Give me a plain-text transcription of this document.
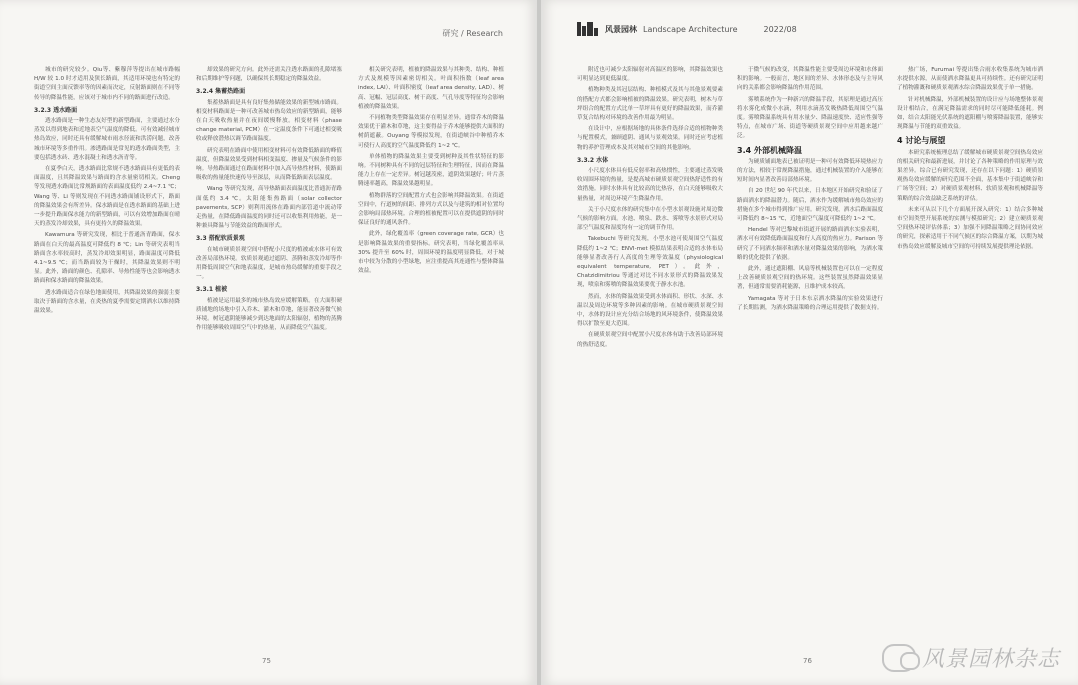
研究 / Research

城市的研究较少。Qiu等、紫穆萍等提出在城市路幅 H/W 较 1.0 时才适用及狭长路面，其适用环境也有特定的街道空间主面反馈率等的因素而决定，反射路面则在不同等传导的降温性能，应该对于城市内不同的路面进行改造。

3.2.3 透水路面

透水路面是一种生态友好型的新型路面，主要通过水分蒸发以得到地表和近地表空气温度的降低。可有效减轻城市热岛效应，同时还具有缓解城市雨水径流和洪涝问题，改善城市环境等多重作用。渗透路面是常见的透水路面类型，主要包括透水砖、透水混凝土和透水沥青等。

在夏季白天，透水路面比常规不透水路面具有更低的表面温度，且其降温效果与路面的含水量密切相关。Cheng 等发现透水路面比常规路面的表面温度低约 2.4~7.1 ℃；Wang 等、Li 等则发现在不同透水路面铺设形式下，路面的降温效果会有所差异。保水路面是在透水路面的基础上进一步提升路面保水能力的新型路面，可以有效增加路面在晴天的蒸发冷却效果，具有更持久的降温效果。

Kawamura 等研究发现，相比于普通沥青路面，保水路面在白天的最高温度可降低约 8 ℃；Lin 等研究表明当路面含水率较高时，蒸发冷却效果明显，路面温度可降低 4.1~9.5 ℃；而当路面较为干燥时，其降温效果则不明显。此外，路面的颜色、孔隙率、导热性能等也会影响透水路面和保水路面的降温效果。

透水路面适合在绿色地面使用，其降温效果的强弱主要取决于路面的含水量，在炎热的夏季需要定期洒水以维持降温效果。

却效果的研究方向。此外还需关注透水路面的孔隙堵塞和后期维护等问题，以确保其长期稳定的降温效益。

3.2.4 集蓄热路面

集蓄热路面是具有良好集热储能效果的新型城市路面。相变材料路面是一种可改善城市热岛效应的新型路面，能够在白天吸收热量并在夜间缓慢释放。相变材料（phase change material, PCM）在一定温度条件下可通过相变吸收或释放潜热以调节路面温度。

研究表明在路面中使用相变材料可有效降低路面的峰值温度，但降温效果受到材料相变温度、掺量及气候条件的影响。导热路面通过在路面材料中加入高导热性材料，使路面吸收的热量能快速传导至深层，从而降低路面表层温度。

Wang 等研究发现，高导热路面表面温度比普通沥青路面低约 3.4 ℃。太阳能集热路面（solar collector pavements, SCP）则利用流体在路面内部管道中流动带走热量，在降低路面温度的同时还可以收集利用热能，是一种兼具降温与节能效益的路面形式。

3.3 搭配软质景观

在城市硬质景观空间中搭配小尺度的植被或水体可有效改善局部热环境。软质景观通过遮阴、蒸腾和蒸发冷却等作用降低周围空气和地表温度，是城市热岛缓解的重要手段之一。

3.3.1 植被

植被是运用最多的城市热岛效应缓解策略。在大面积硬质铺地的场地中引入乔木、灌木和草地，能显著改善微气候环境。树冠遮阴能够减少到达地面的太阳辐射，植物的蒸腾作用能够吸收周围空气中的热量，从而降低空气温度。

相关研究表明，植被的降温效果与其种类、结构、种植方式及规模等因素密切相关。叶面积指数（leaf area index, LAI）、叶面积密度（leaf area density, LAD）、树高、冠幅、冠层高度、树干高度、气孔导度等特征均会影响植被的降温效果。

不同植物类型降温效果存在明显差异。通常乔木的降温效果优于灌木和草地，这主要得益于乔木能够提供大面积的树荫遮蔽。Ouyang 等模拟发现，在街道峡谷中种植乔木可使行人高度的空气温度降低约 1~2 ℃。

单体植物的降温效果主要受到树种及其性状特征的影响。不同树种具有不同的冠层特征和生理特征，因而在降温能力上存在一定差异。树冠越茂密，遮阴效果越好；叶片蒸腾速率越高，降温效果越明显。

植物群落的空间配置方式也会影响其降温效果。在街道空间中，行道树的间距、排列方式以及与建筑的相对位置均会影响局部热环境。合理的植被配置可以在提供遮阴的同时保证良好的通风条件。

此外，绿化覆盖率（green coverage rate, GCR）也是影响降温效果的重要指标。研究表明，当绿化覆盖率从 30% 提升至 60% 时，周围环境的温度明显降低。对于城市中较为分散的小型绿地，应注重提高其连通性与整体降温效益。

75
风景园林 Landscape Architecture	2022/08

附近也可减少太阳辐射对高温区的影响，其降温效果也可明显达到更低温度。

植物种类及其冠层结构、种植模式及其与其他景观要素的搭配方式都会影响植被的降温效果。研究表明，树木与草坪组合的配置方式比单一草坪具有更好的降温效果，而乔灌草复合结构对环境的改善作用最为明显。

在设计中，应根据场地的具体条件选择合适的植物种类与配置模式，兼顾遮阴、通风与景观效果。同时还应考虑植物的养护管理成本及其对城市空间的其他影响。

3.3.2 水体

小尺度水体具有低反射率和高热惯性，主要通过蒸发吸收周围环境的热量，是提高城市硬质景观空间热舒适性的有效措施。同时水体具有比较高的比热容，在白天能够吸收大量热量，对周边环境产生降温作用。

关于小尺度水体的研究集中在小型水景观设施对周边微气候的影响方面。水池、喷泉、跌水、雾喷等水景形式对局部空气温度和湿度均有一定的调节作用。

Takebuchi 等研究发现，小型水池可使周围空气温度降低约 1~2 ℃；ENVI-met 模拟结果表明合适的水体布局能够显著改善行人高度的生理等效温度（physiological equivalent temperature, PET）。此外，Chatzidimitriou 等通过对比不同水景形式的降温效果发现，喷泉和雾喷的降温效果要优于静水水池。

然而，水体的降温效果受到水体面积、形状、水深、水温以及周边环境等多种因素的影响。在城市硬质景观空间中，水体的设计应充分结合场地的风环境条件，使降温效果得以扩散至更大范围。

在硬质景观空间中配置小尺度水体有助于改善局部环境的热舒适度。

于微气候的改变，其降温性能主要受周边环境和水体面积的影响。一般而言，地区间的差异、水体形态及与主导风向的关系都会影响降温的作用范围。

雾喷系统作为一种新兴的降温手段，其原理是通过高压将水雾化成微小水滴，利用水滴蒸发吸热降低周围空气温度。雾喷降温系统具有用水量少、降温速度快、适应性强等特点，在城市广场、街道等硬质景观空间中应用越来越广泛。

3.4 外部机械降温

为硬质铺面地表已被证明是一种可有效降低环境热应力的方法，相较于常规降温措施，通过机械装置的介入能够在短时间内显著改善局部热环境。

自 20 世纪 90 年代以来，日本地区开始研究和验证了路面洒水的降温潜力。随后，洒水作为缓解城市热岛效应的措施在多个城市得到推广应用。研究发现，洒水后路面温度可降低约 8~15 ℃，近地面空气温度可降低约 1~2 ℃。

Hendel 等对巴黎城市街道开展的路面洒水实验表明，洒水可有效降低路面温度和行人高度的热应力。Parison 等研究了不同洒水频率和洒水量对降温效果的影响，为洒水策略的优化提供了依据。

此外，通过遮阳棚、风扇等机械装置也可以在一定程度上改善硬质景观空间的热环境。这些装置虽然降温效果显著，但通常需要消耗能源，且维护成本较高。

Yamagata 等对于日本东京洒水降温的实验效果进行了长期监测，为洒水降温策略的合理运用提供了数据支持。

热广场，Furumai 等提出集合雨水收集系统为城市洒水提供水源，从而使洒水降温更具可持续性。还有研究证明了植物灌溉和硬质景观洒水综合降温效果优于单一措施。

针对机械降温，外部机械装置的设计应与场地整体景观设计相结合，在满足降温需求的同时尽可能降低能耗。例如，结合太阳能光伏系统的遮阳棚与喷雾降温装置，能够实现降温与节能的双重效益。

4 讨论与展望

本研究系统梳理总结了缓解城市硬质景观空间热岛效应的相关研究和最新进展，并讨论了各种策略的作用原理与效果差异。综合已有研究发现，还存在以下问题：1）硬质景观热岛效应缓解的研究范围不全面，基本集中于街道峡谷和广场等空间；2）对硬质景观材料、软质景观和机械降温等策略的综合效益缺乏系统的评估。

未来可从以下几个方面展开深入研究：1）结合多种城市空间类型开展系统的实测与模拟研究；2）建立硬质景观空间热环境评估体系；3）加强不同降温策略之间协同效应的研究，探索适用于不同气候区的综合降温方案，以期为城市热岛效应缓解及城市空间的可持续发展提供理论依据。

76	风景园林杂志
